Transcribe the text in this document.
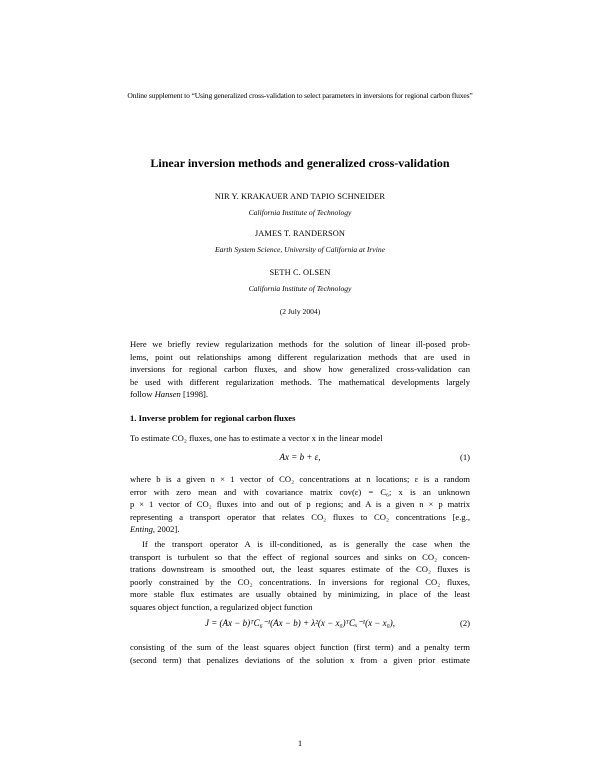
Online supplement to “Using generalized cross-validation to select parameters in inversions for regional carbon fluxes”
Linear inversion methods and generalized cross-validation
NIR Y. KRAKAUER AND TAPIO SCHNEIDER
California Institute of Technology
JAMES T. RANDERSON
Earth System Science, University of California at Irvine
SETH C. OLSEN
California Institute of Technology
(2 July 2004)
Here we briefly review regularization methods for the solution of linear ill-posed prob-
lems, point out relationships among different regularization methods that are used in
inversions for regional carbon fluxes, and show how generalized cross-validation can
be used with different regularization methods. The mathematical developments largely
follow Hansen [1998].
1. Inverse problem for regional carbon fluxes
To estimate CO₂ fluxes, one has to estimate a vector x in the linear model
Ax = b + ε,	(1)
where b is a given n × 1 vector of CO₂ concentrations at n locations; ε is a random
error with zero mean and with covariance matrix cov(ε) = C₆; x is an unknown
p × 1 vector of CO₂ fluxes into and out of p regions; and A is a given n × p matrix
representing a transport operator that relates CO₂ fluxes to CO₂ concentrations [e.g.,
Enting, 2002].
If the transport operator A is ill-conditioned, as is generally the case when the
transport is turbulent so that the effect of regional sources and sinks on CO₂ concen-
trations downstream is smoothed out, the least squares estimate of the CO₂ fluxes is
poorly constrained by the CO₂ concentrations. In inversions for regional CO₂ fluxes,
more stable flux estimates are usually obtained by minimizing, in place of the least
squares object function, a regularized object function
J = (Ax − b)ᵀC₆⁻¹(Ax − b) + λ²(x − x₀)ᵀCₓ⁻¹(x − x₀),	(2)
consisting of the sum of the least squares object function (first term) and a penalty term
(second term) that penalizes deviations of the solution x from a given prior estimate
1
